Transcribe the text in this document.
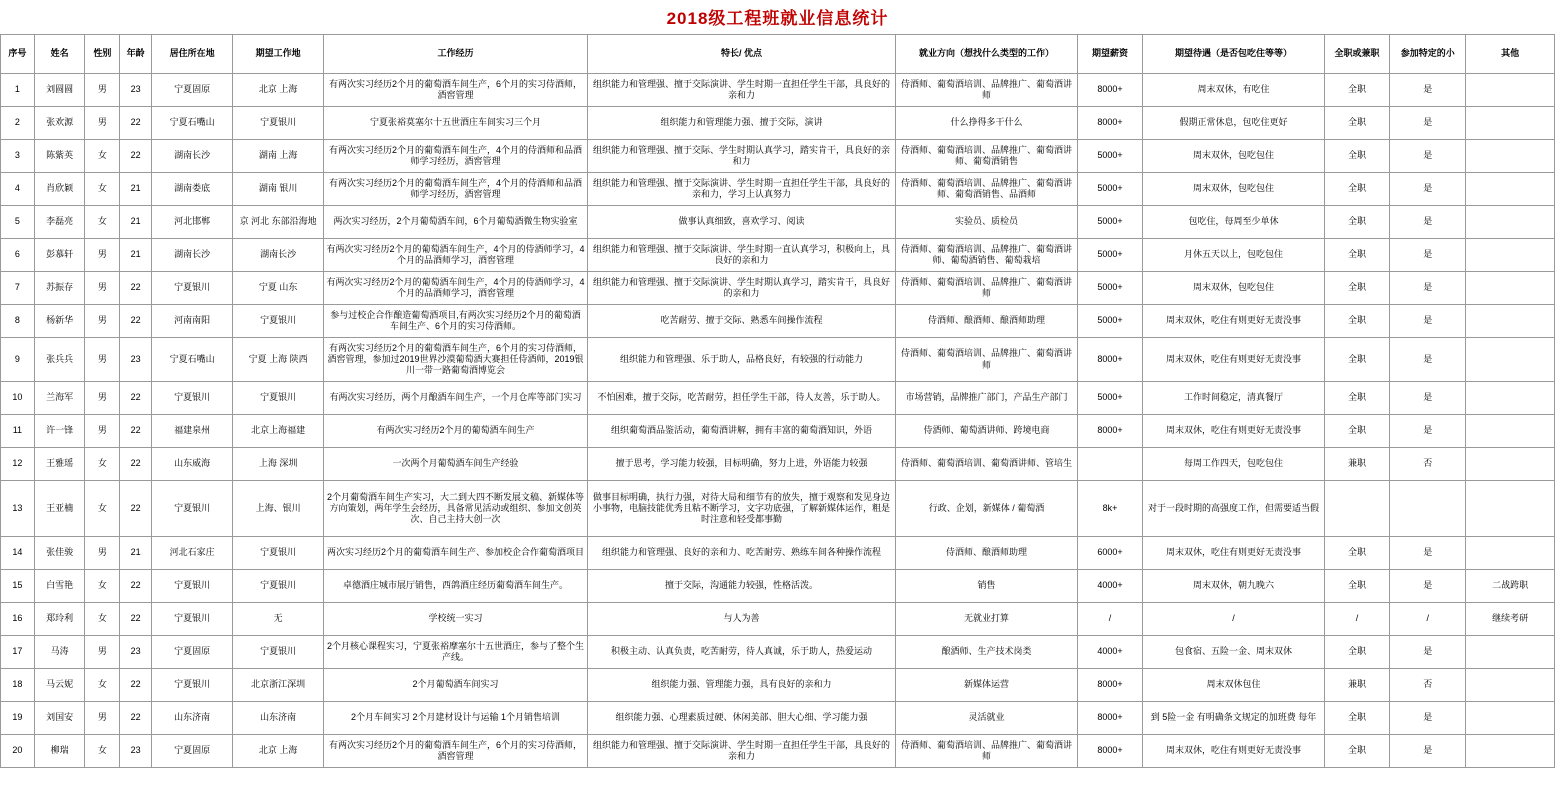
2018级工程班就业信息统计
序号	姓名	性别	年龄	居住所在地	期望工作地	工作经历	特长/ 优点	就业方向（想找什么类型的工作）	期望薪资	期望待遇（是否包吃住等等）	全职或兼职	参加特定的小	其他
1	刘圆圆	男	23	宁夏固原	北京 上海	有两次实习经历2个月的葡萄酒车间生产，6个月的实习侍酒师，酒窖管理	组织能力和管理强、擅于交际演讲、学生时期一直担任学生干部，具良好的亲和力	侍酒师、葡萄酒培训、品牌推广、葡萄酒讲师	8000+	周末双休，有吃住	全职	是	
2	张欢源	男	22	宁夏石嘴山	宁夏银川	宁夏张裕莫塞尔十五世酒庄车间实习三个月	组织能力和管理能力强、擅于交际，演讲	什么挣得多干什么	8000+	假期正常休息，包吃住更好	全职	是	
3	陈紫英	女	22	湖南长沙	湖南 上海	有两次实习经历2个月的葡萄酒车间生产，4个月的侍酒师和品酒师学习经历，酒窖管理	组织能力和管理强、擅于交际、学生时期认真学习，踏实肯干，具良好的亲和力	侍酒师、葡萄酒培训、品牌推广、葡萄酒讲师、葡萄酒销售	5000+	周末双休，包吃包住	全职	是	
4	肖欣颖	女	21	湖南娄底	湖南 银川	有两次实习经历2个月的葡萄酒车间生产，4个月的侍酒师和品酒师学习经历，酒窖管理	组织能力和管理强、擅于交际演讲、学生时期一直担任学生干部，具良好的亲和力，学习上认真努力	侍酒师、葡萄酒培训、品牌推广、葡萄酒讲师、葡萄酒销售、品酒师	5000+	周末双休，包吃包住	全职	是	
5	李磊亮	女	21	河北邯郸	京 河北 东部沿海地	两次实习经历，2个月葡萄酒车间，6个月葡萄酒微生物实验室	做事认真细致，喜欢学习、阅读	实验员、质检员	5000+	包吃住，每周至少单休	全职	是	
6	彭慕轩	男	21	湖南长沙	湖南长沙	有两次实习经历2个月的葡萄酒车间生产，4个月的侍酒师学习，4个月的品酒师学习，酒窖管理	组织能力和管理强、擅于交际演讲、学生时期一直认真学习，积极向上，具良好的亲和力	侍酒师、葡萄酒培训、品牌推广、葡萄酒讲师、葡萄酒销售、葡萄栽培	5000+	月休五天以上，包吃包住	全职	是	
7	苏振存	男	22	宁夏银川	宁夏 山东	有两次实习经历2个月的葡萄酒车间生产，4个月的侍酒师学习，4个月的品酒师学习，酒窖管理	组织能力和管理强、擅于交际演讲、学生时期认真学习，踏实肯干，具良好的亲和力	侍酒师、葡萄酒培训、品牌推广、葡萄酒讲师	5000+	周末双休，包吃包住	全职	是	
8	杨新华	男	22	河南南阳	宁夏银川	参与过校企合作酿造葡萄酒项目,有两次实习经历2个月的葡萄酒车间生产、6个月的实习侍酒师。	吃苦耐劳、擅于交际、熟悉车间操作流程	侍酒师、酿酒师、酿酒师助理	5000+	周末双休，吃住有则更好无责没事	全职	是	
9	张兵兵	男	23	宁夏石嘴山	宁夏 上海 陕西	有两次实习经历2个月的葡萄酒车间生产，6个月的实习侍酒师，酒窖管理，参加过2019世界沙漠葡萄酒大赛担任侍酒师，2019银川一带一路葡萄酒博览会	组织能力和管理强、乐于助人，品格良好，有较强的行动能力	侍酒师、葡萄酒培训、品牌推广、葡萄酒讲师	8000+	周末双休，吃住有则更好无责没事	全职	是	
10	兰海军	男	22	宁夏银川	宁夏银川	有两次实习经历，两个月酿酒车间生产，一个月仓库等部门实习	不怕困难，擅于交际，吃苦耐劳，担任学生干部，待人友善，乐于助人。	市场营销，品牌推广部门，产品生产部门	5000+	工作时间稳定，清真餐厅	全职	是	
11	许一锋	男	22	福建泉州	北京上海福建	有两次实习经历2个月的葡萄酒车间生产	组织葡萄酒品鉴活动，葡萄酒讲解，拥有丰富的葡萄酒知识，外语	侍酒师、葡萄酒讲师、跨境电商	8000+	周末双休，吃住有则更好无责没事	全职	是	
12	王雅瑶	女	22	山东威海	上海 深圳	一次两个月葡萄酒车间生产经验	擅于思考，学习能力较强，目标明确，努力上进，外语能力较强	侍酒师、葡萄酒培训、葡萄酒讲师、管培生		每周工作四天，包吃包住	兼职	否	
13	王亚楠	女	22	宁夏银川	上海、银川	2个月葡萄酒车间生产实习，大二到大四不断发展文稿、新媒体等方向策划，两年学生会经历，具备常见活动或组织、参加文创英次、自己主持大创一次	做事目标明确，执行力强，对待大局和细节有的放失，擅于观察和发见身边小事物，电脑技能优秀且粘不断学习，文字功底强，了解新媒体运作，粗是时注意和轻受都事勤	行政、企划，新媒体 / 葡萄酒	8k+	对于一段时期的高强度工作，但需要适当假			
14	张佳骏	男	21	河北石家庄	宁夏银川	两次实习经历2个月的葡萄酒车间生产、参加校企合作葡萄酒项目	组织能力和管理强、良好的亲和力、吃苦耐劳、熟练车间各种操作流程	侍酒师、酿酒师助理	6000+	周末双休，吃住有则更好无责没事	全职	是	
15	白雪艳	女	22	宁夏银川	宁夏银川	卓德酒庄城市展厅销售，西鸽酒庄经历葡萄酒车间生产。	擅于交际，沟通能力较强，性格活泼。	销售	4000+	周末双休，朝九晚六	全职	是	二战跨职
16	郑玲利	女	22	宁夏银川	无	学校统一实习	与人为善	无就业打算	/	/	/	/	继续考研
17	马涛	男	23	宁夏固原	宁夏银川	2个月核心课程实习，宁夏张裕摩塞尔十五世酒庄，参与了整个生产线。	积极主动、认真负责，吃苦耐劳，待人真诚，乐于助人，热爱运动	酿酒师、生产技术岗类	4000+	包食宿、五险一金、周末双休	全职	是	
18	马云妮	女	22	宁夏银川	北京浙江深圳	2个月葡萄酒车间实习	组织能力强、管理能力强，具有良好的亲和力	新媒体运营	8000+	周末双休包住	兼职	否	
19	刘国安	男	22	山东济南	山东济南	2个月车间实习 2个月建材设计与运输 1个月销售培训	组织能力强、心理素质过硬、休闲美部、胆大心细、学习能力强	灵活就业	8000+	到 5险一金 有明确条文规定的加班费 每年	全职	是	
20	柳瑞	女	23	宁夏固原	北京 上海	有两次实习经历2个月的葡萄酒车间生产，6个月的实习侍酒师，酒窖管理	组织能力和管理强、擅于交际演讲、学生时期一直担任学生干部，具良好的亲和力	侍酒师、葡萄酒培训、品牌推广、葡萄酒讲师	8000+	周末双休，吃住有则更好无责没事	全职	是	
